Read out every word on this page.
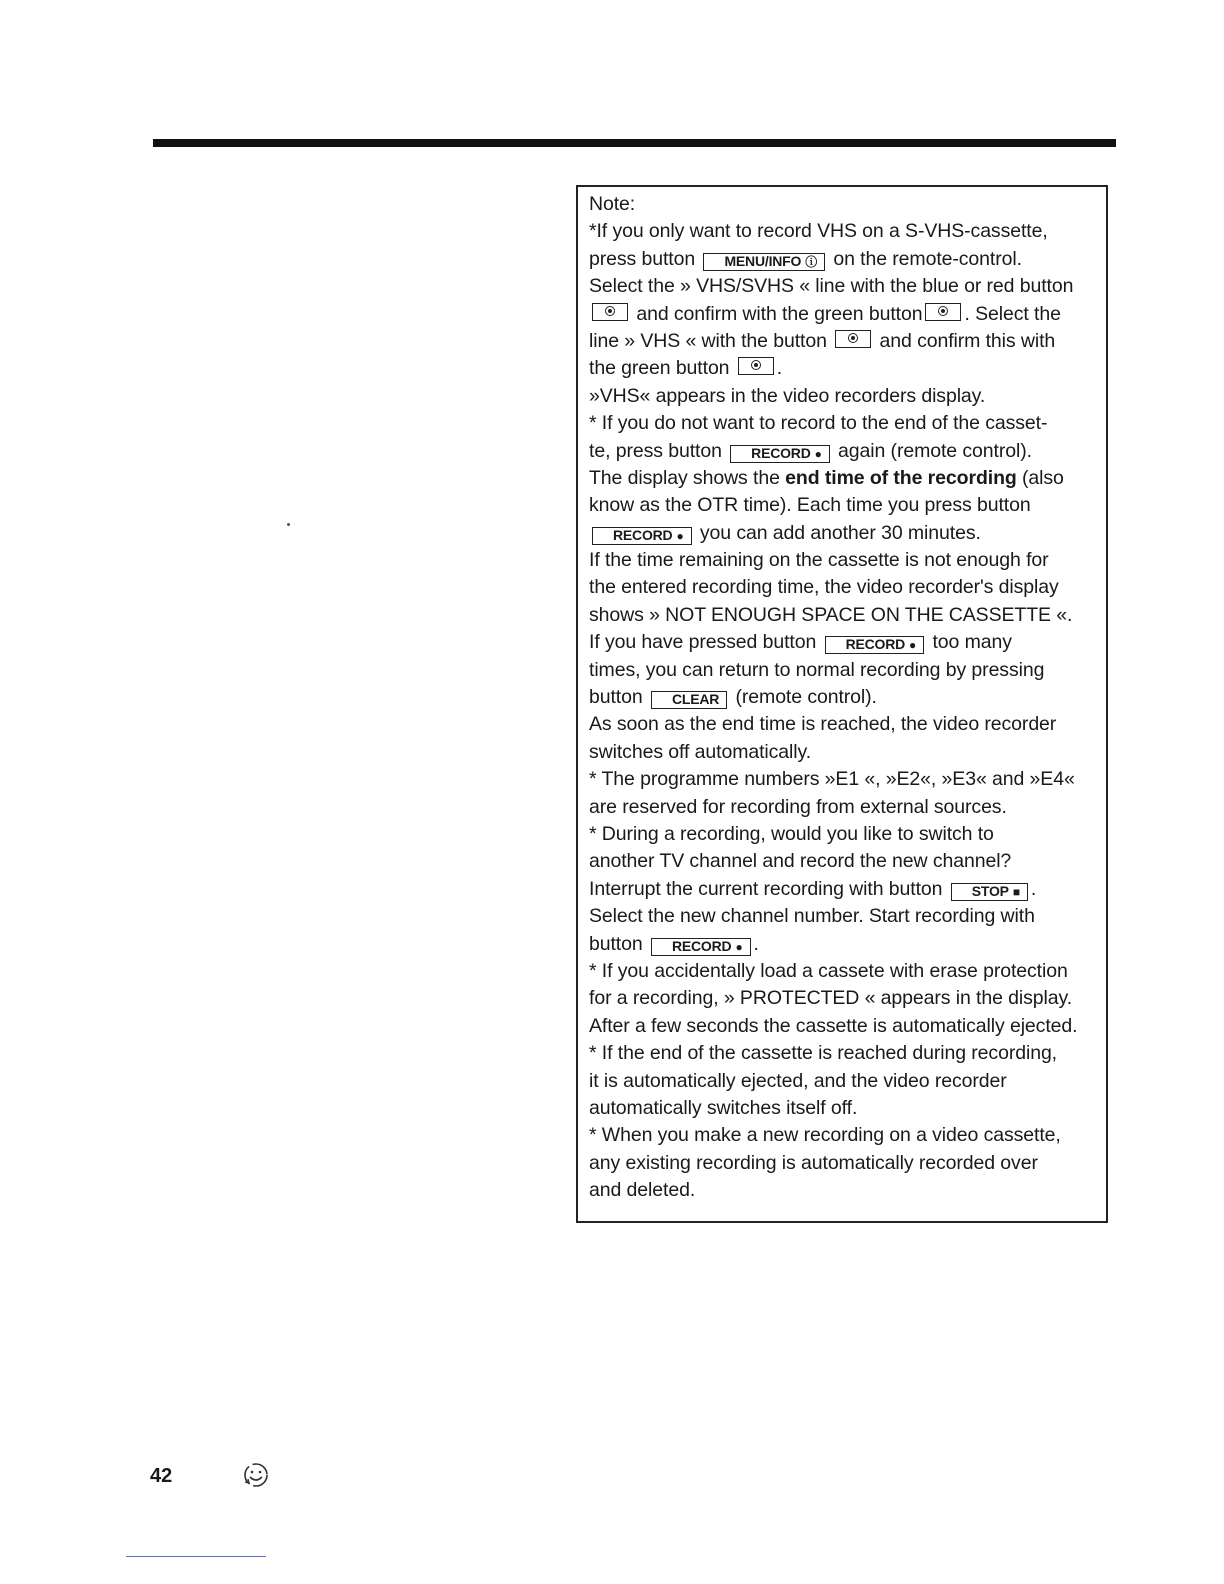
Note:
*If you only want to record VHS on a S-VHS-cassette,
press button MENU/INFO ⓘ on the remote-control.
Select the » VHS/SVHS « line with the blue or red button
and confirm with the green button . Select the
line » VHS « with the button	and confirm this with
the green button .
»VHS« appears in the video recorders display.
* If you do not want to record to the end of the casset-
te, press button RECORD ● again (remote control).
The display shows the end time of the recording (also
know as the OTR time). Each time you press button
RECORD ● you can add another 30 minutes.
If the time remaining on the cassette is not enough for
the entered recording time, the video recorder's display
shows » NOT ENOUGH SPACE ON THE CASSETTE «.
If you have pressed button RECORD ● too many
times, you can return to normal recording by pressing
button CLEAR (remote control).
As soon as the end time is reached, the video recorder
switches off automatically.
* The programme numbers »E1 «, »E2«, »E3« and »E4«
are reserved for recording from external sources.
* During a recording, would you like to switch to
another TV channel and record the new channel?
Interrupt the current recording with button STOP ■ .
Select the new channel number. Start recording with
button RECORD ● .
* If you accidentally load a cassete with erase protection
for a recording, » PROTECTED « appears in the display.
After a few seconds the cassette is automatically ejected.
* If the end of the cassette is reached during recording,
it is automatically ejected, and the video recorder
automatically switches itself off.
* When you make a new recording on a video cassette,
any existing recording is automatically recorded over
and deleted.
42
